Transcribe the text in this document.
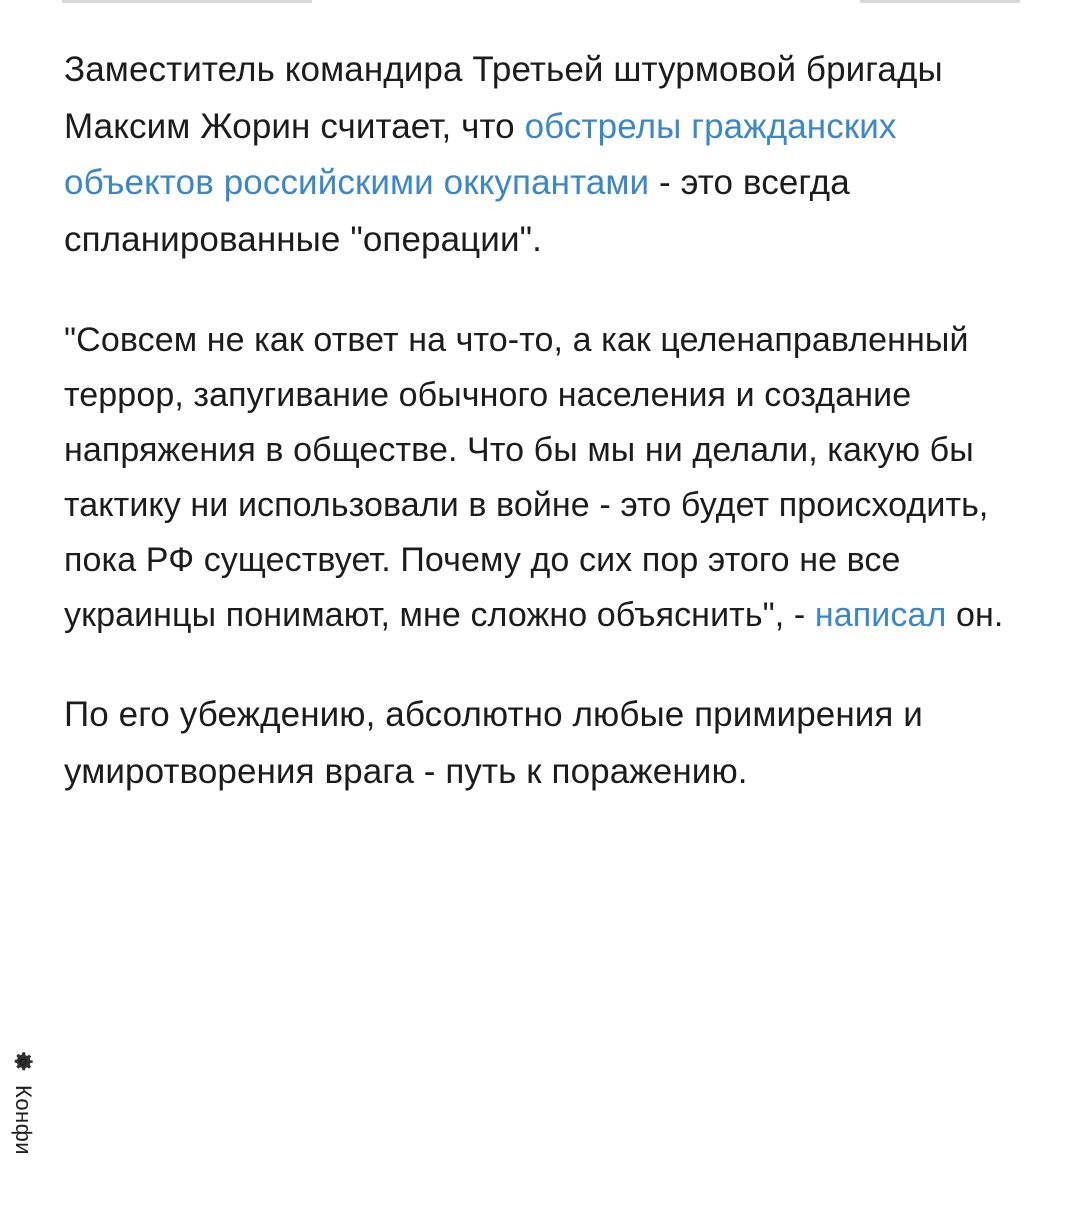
Заместитель командира Третьей штурмовой бригады Максим Жорин считает, что обстрелы гражданских объектов российскими оккупантами - это всегда спланированные "операции".

"Совсем не как ответ на что-то, а как целенаправленный террор, запугивание обычного населения и создание напряжения в обществе. Что бы мы ни делали, какую бы тактику ни использовали в войне - это будет происходить, пока РФ существует. Почему до сих пор этого не все украинцы понимают, мне сложно объяснить", - написал он.

По его убеждению, абсолютно любые примирения и умиротворения врага - путь к поражению.

Конфи
